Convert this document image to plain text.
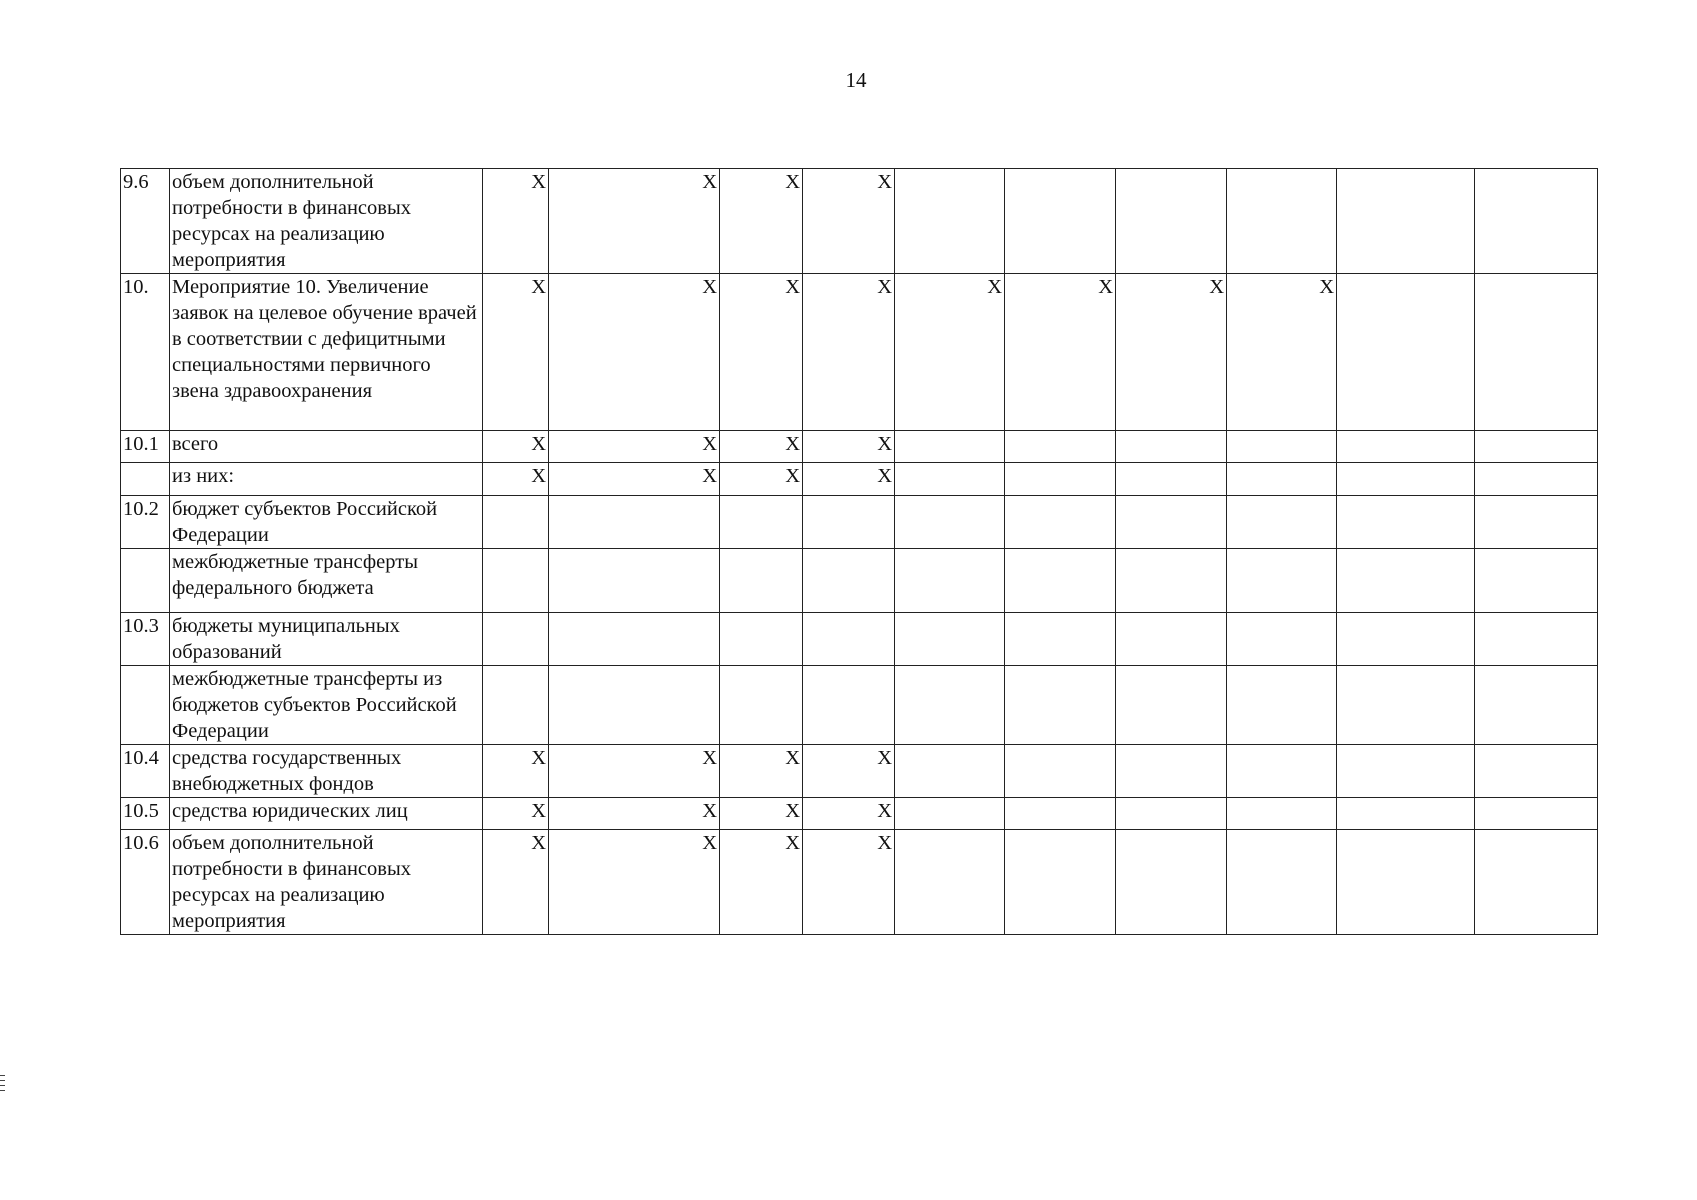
14
9.6	объем дополнительной потребности в финансовых ресурсах на реализацию мероприятия	X	X	X	X						
10.	Мероприятие 10. Увеличение заявок на целевое обучение врачей в соответствии с дефицитными специальностями первичного звена здравоохранения	X	X	X	X	X	X	X	X		
10.1	всего	X	X	X	X						
	из них:	X	X	X	X						
10.2	бюджет субъектов Российской Федерации										
	межбюджетные трансферты федерального бюджета										
10.3	бюджеты муниципальных образований										
	межбюджетные трансферты из бюджетов субъектов Российской Федерации										
10.4	средства государственных внебюджетных фондов	X	X	X	X						
10.5	средства юридических лиц	X	X	X	X						
10.6	объем дополнительной потребности в финансовых ресурсах на реализацию мероприятия	X	X	X	X						
